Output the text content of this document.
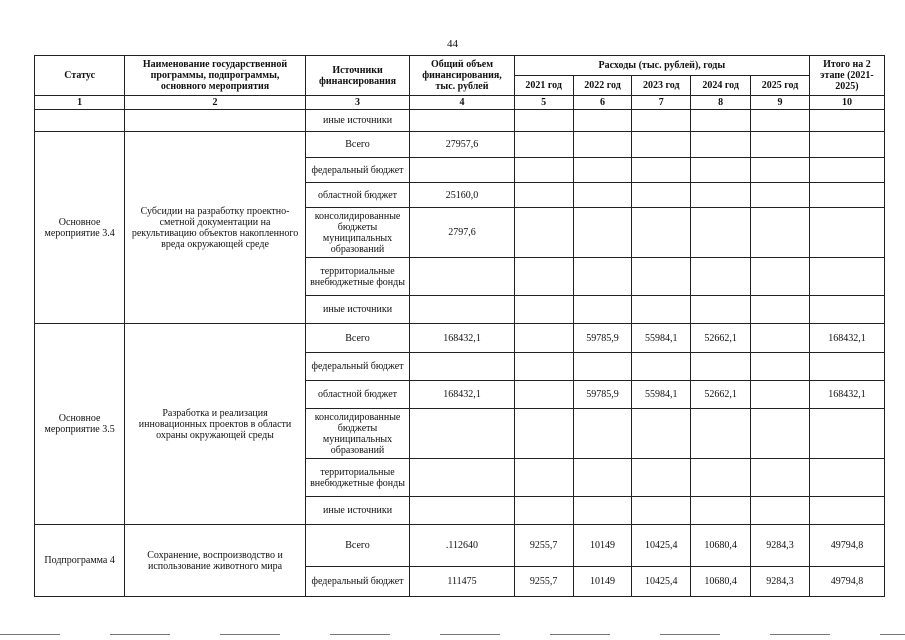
44
Статус	Наименование государственной программы, подпрограммы, основного мероприятия	Источники финансирования	Общий объем финансирования, тыс. рублей	Расходы (тыс. рублей), годы					Итого на 2 этапе (2021-2025)
				2021 год	2022 год	2023 год	2024 год	2025 год	
1	2	3	4	5	6	7	8	9	10
		иные источники							
Основное мероприятие 3.4	Субсидии на разработку проектно-сметной документации на рекультивацию объектов накопленного вреда окружающей среде	Всего	27957,6						
		федеральный бюджет							
		областной бюджет	25160,0						
		консолидированные бюджеты муниципальных образований	2797,6						
		территориальные внебюджетные фонды							
		иные источники							
Основное мероприятие 3.5	Разработка и реализация инновационных проектов в области охраны окружающей среды	Всего	168432,1		59785,9	55984,1	52662,1		168432,1
		федеральный бюджет							
		областной бюджет	168432,1		59785,9	55984,1	52662,1		168432,1
		консолидированные бюджеты муниципальных образований							
		территориальные внебюджетные фонды							
		иные источники							
Подпрограмма 4	Сохранение, воспроизводство и использование животного мира	Всего	.112640	9255,7	10149	10425,4	10680,4	9284,3	49794,8
		федеральный бюджет	111475	9255,7	10149	10425,4	10680,4	9284,3	49794,8
